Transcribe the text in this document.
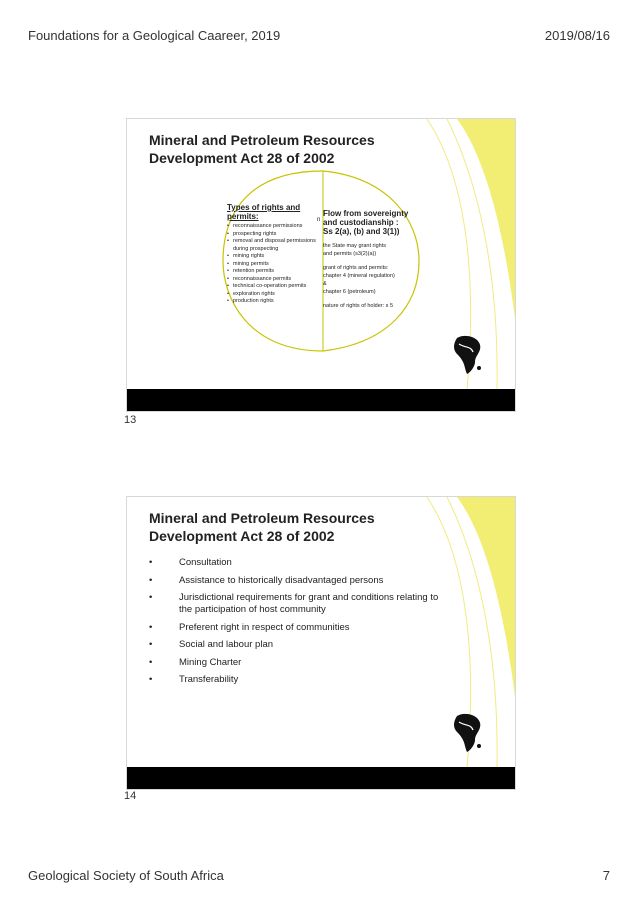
Foundations for a Geological Caareer, 2019	2019/08/16
Mineral and Petroleum Resources
Development Act 28 of 2002
Types of rights and
permits:
• reconnaissance permissions
• prospecting rights
• removal and disposal permissions during prospecting
• mining rights
• mining permits
• retention permits
• reconnaissance permits
• technical co-operation permits
• exploration rights
• production rights
n
Flow from sovereignty
and custodianship :
Ss 2(a), (b) and 3(1))
the State may grant rights
and permits (s3(2)(a))
grant of rights and permits:
chapter 4 (mineral regulation)
&
chapter 6 (petroleum)
nature of rights of holder: s 5
13
Mineral and Petroleum Resources
Development Act 28 of 2002
• Consultation
• Assistance to historically disadvantaged persons
• Jurisdictional requirements for grant and conditions relating to the participation of host community
• Preferent right in respect of communities
• Social and labour plan
• Mining Charter
• Transferability
14
Geological Society of South Africa	7
